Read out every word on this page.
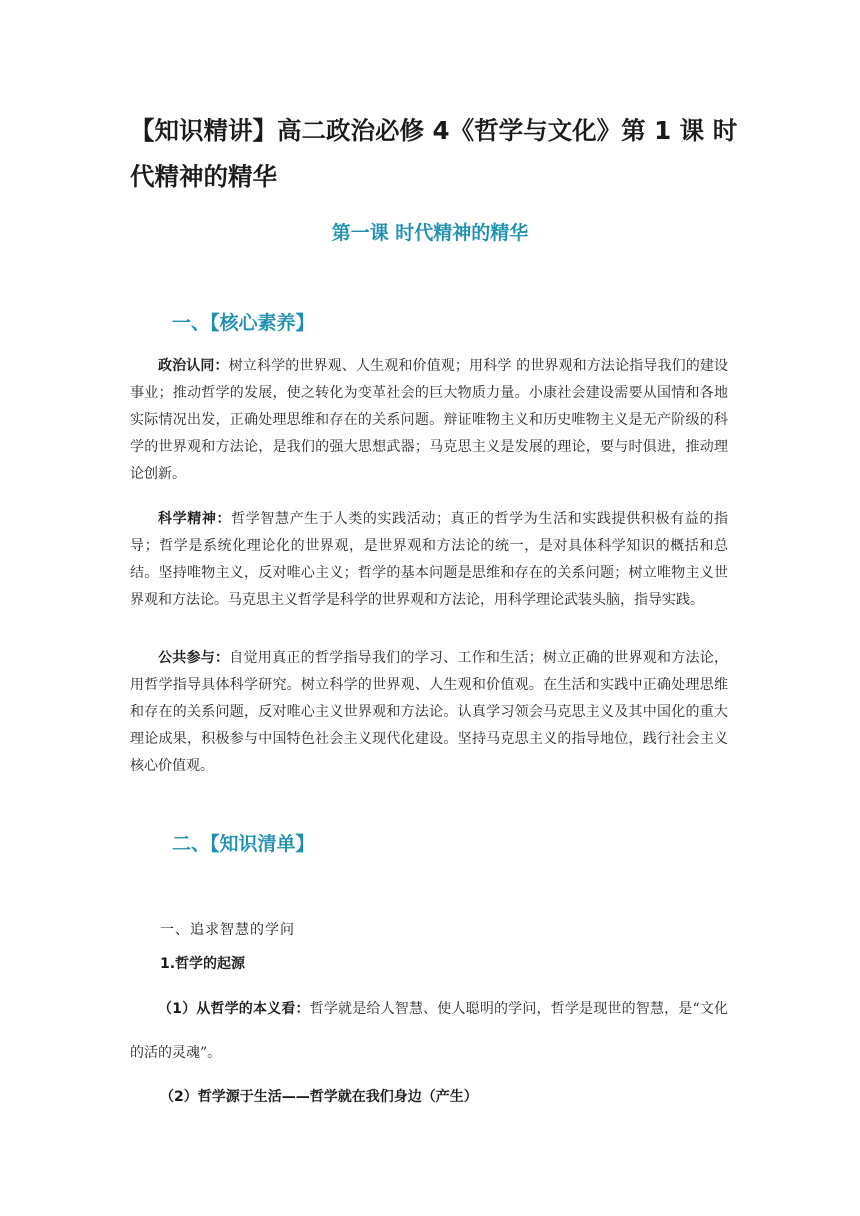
【知识精讲】高二政治必修 4《哲学与文化》第 1 课 时代精神的精华
第一课 时代精神的精华
一、【核心素养】

政治认同：树立科学的世界观、人生观和价值观；用科学 的世界观和方法论指导我们的建设事业；推动哲学的发展，使之转化为变革社会的巨大物质力量。小康社会建设需要从国情和各地实际情况出发，正确处理思维和存在的关系问题。辩证唯物主义和历史唯物主义是无产阶级的科学的世界观和方法论，是我们的强大思想武器；马克思主义是发展的理论，要与时俱进，推动理论创新。

科学精神：哲学智慧产生于人类的实践活动；真正的哲学为生活和实践提供积极有益的指导；哲学是系统化理论化的世界观，是世界观和方法论的统一，是对具体科学知识的概括和总结。坚持唯物主义，反对唯心主义；哲学的基本问题是思维和存在的关系问题；树立唯物主义世界观和方法论。马克思主义哲学是科学的世界观和方法论，用科学理论武装头脑，指导实践。

公共参与：自觉用真正的哲学指导我们的学习、工作和生活；树立正确的世界观和方法论，用哲学指导具体科学研究。树立科学的世界观、人生观和价值观。在生活和实践中正确处理思维和存在的关系问题，反对唯心主义世界观和方法论。认真学习领会马克思主义及其中国化的重大理论成果，积极参与中国特色社会主义现代化建设。坚持马克思主义的指导地位，践行社会主义核心价值观。

二、【知识清单】

一、追求智慧的学问

1.哲学的起源

（1）从哲学的本义看：哲学就是给人智慧、使人聪明的学问，哲学是现世的智慧，是“文化的活的灵魂”。

（2）哲学源于生活——哲学就在我们身边（产生）
